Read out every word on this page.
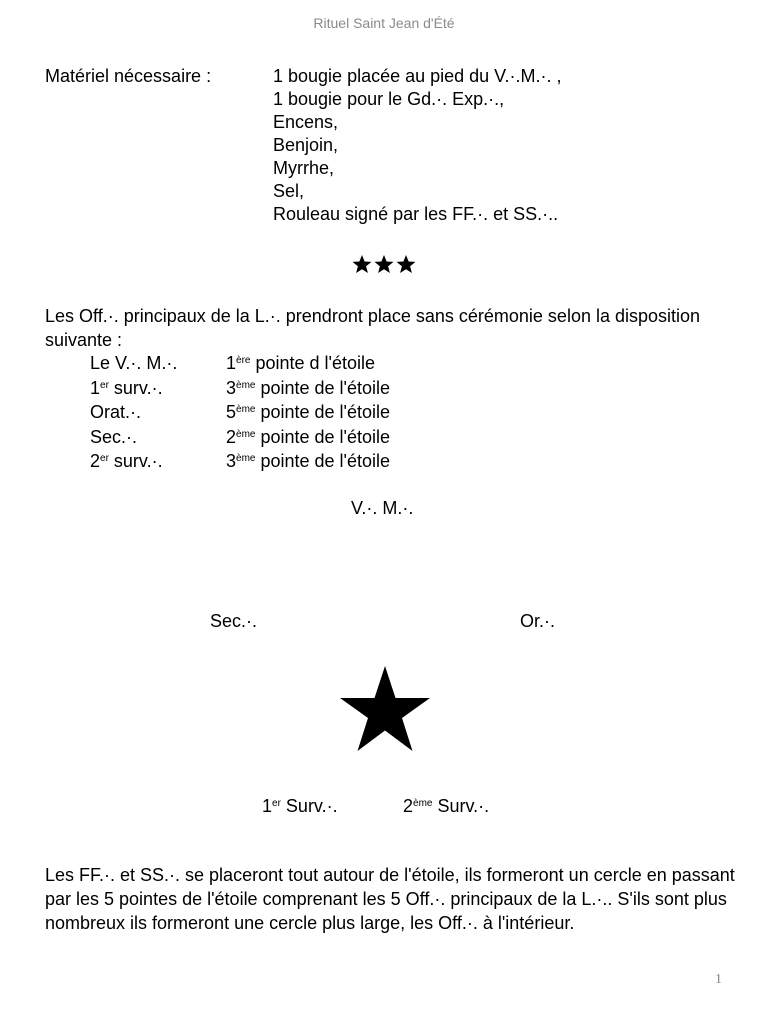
Rituel Saint Jean d'Été
Matériel nécessaire :	1 bougie placée au pied du V.·.M.·. ,
1 bougie pour le Gd.·. Exp.·.,
Encens,
Benjoin,
Myrrhe,
Sel,
Rouleau signé par les FF.·. et SS.·..
Les Off.·. principaux de la L.·. prendront place sans cérémonie selon la disposition suivante :
Le V.·. M.·.	1ère pointe d l'étoile
1er surv.·.	3ème pointe de l'étoile
Orat.·.	5ème pointe de l'étoile
Sec.·.	2ème pointe de l'étoile
2er surv.·.	3ème pointe de l'étoile
V.·. M.·.
Sec.·.	Or.·.
1er Surv.·.	2ème Surv.·.
Les FF.·. et SS.·. se placeront tout autour de l'étoile, ils formeront un cercle en passant par les 5 pointes de l'étoile comprenant les 5 Off.·. principaux de la L.·.. S'ils sont plus nombreux ils formeront une cercle plus large, les Off.·. à l'intérieur.
1
